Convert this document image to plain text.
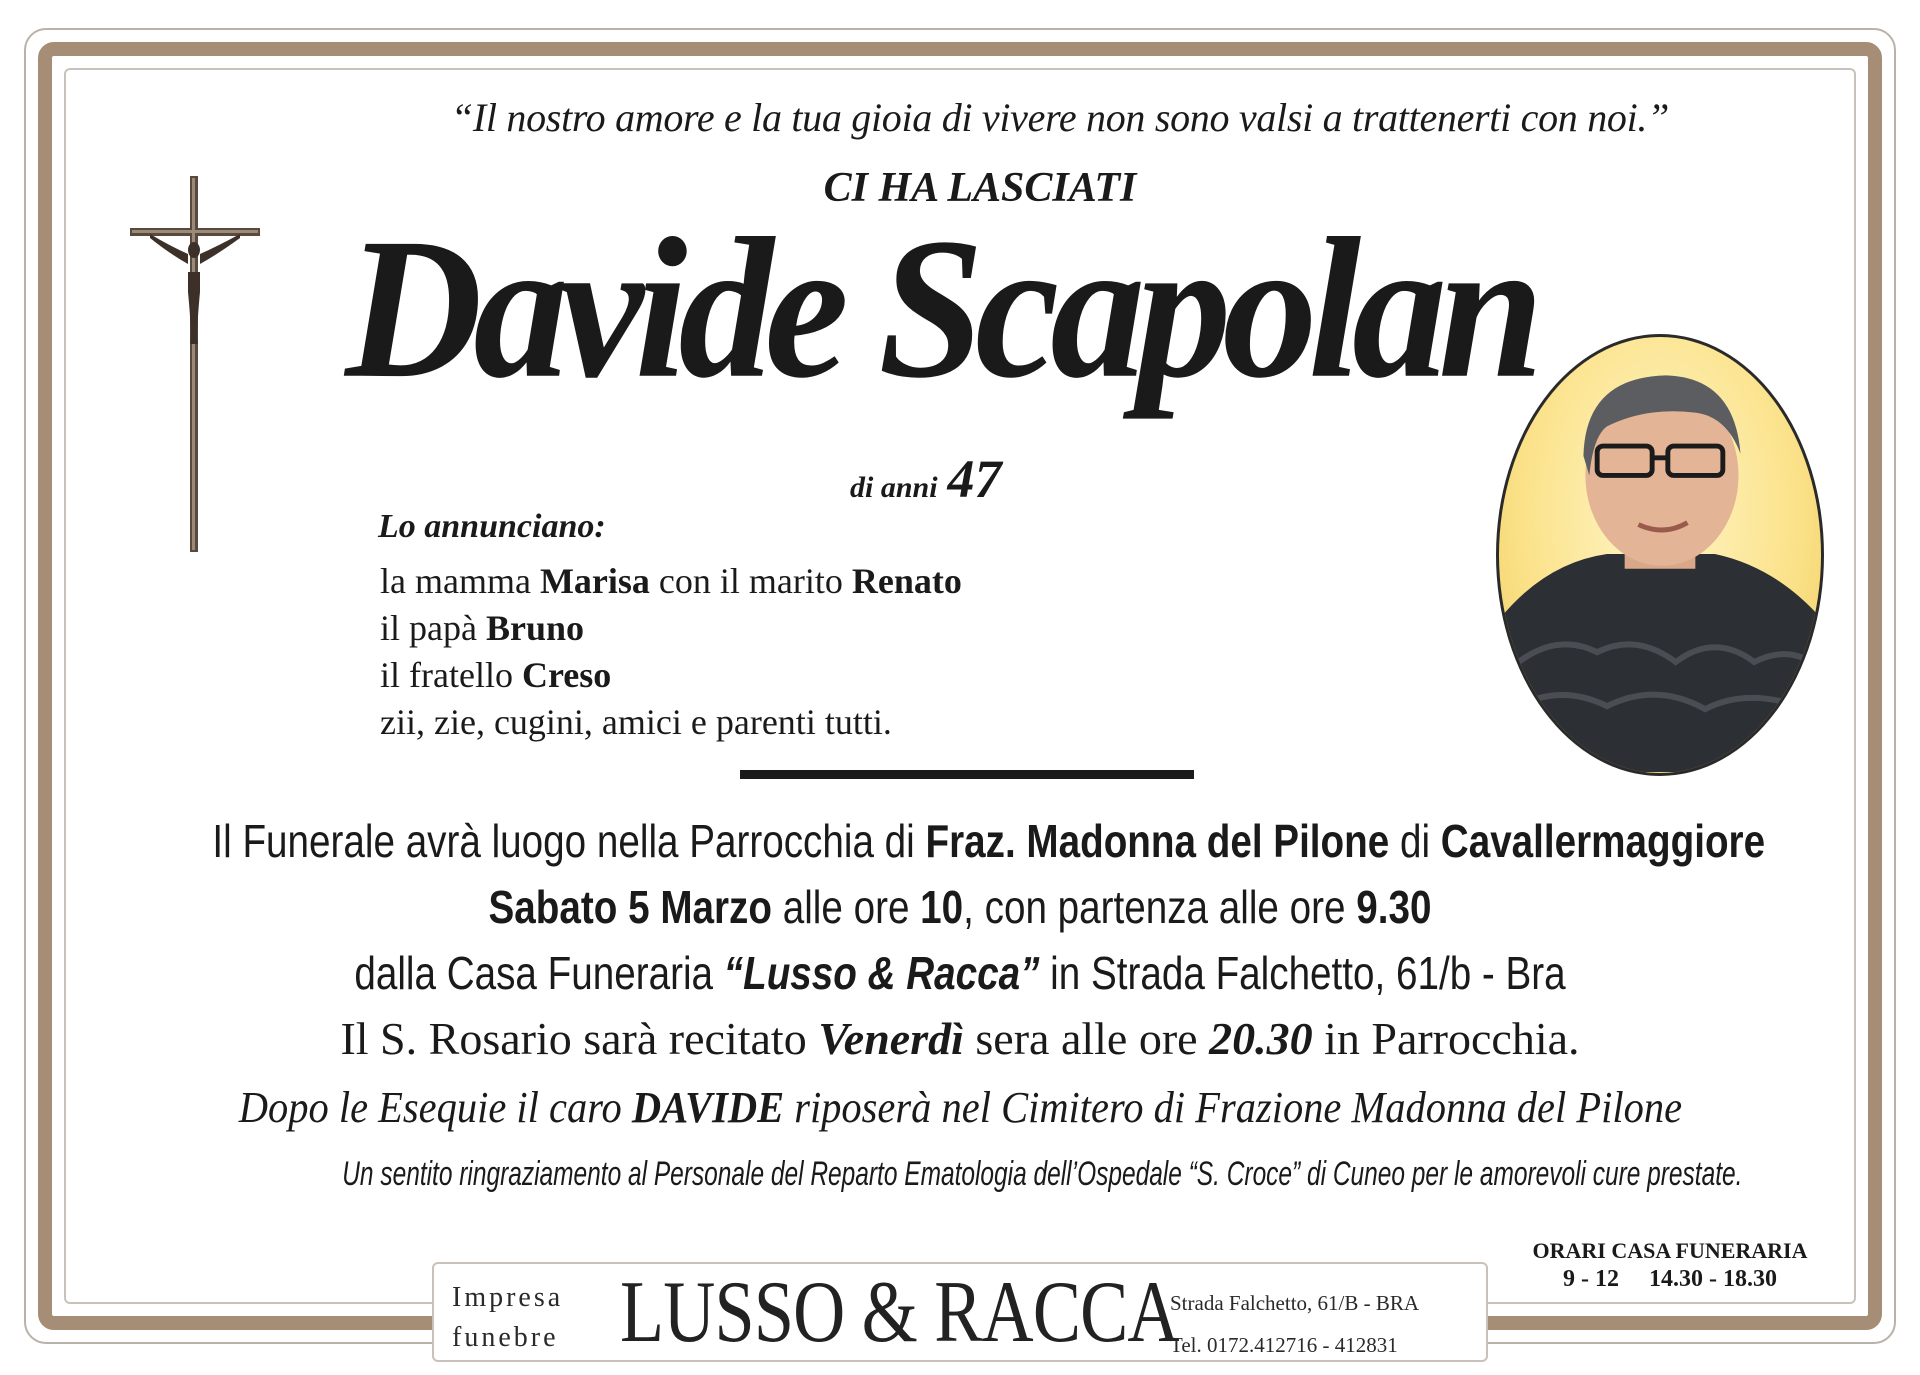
“Il nostro amore e la tua gioia di vivere non sono valsi a trattenerti con noi.”
CI HA LASCIATI
Davide Scapolan
di anni 47
Lo annunciano:
la mamma Marisa con il marito Renato
il papà Bruno
il fratello Creso
zii, zie, cugini, amici e parenti tutti.
Il Funerale avrà luogo nella Parrocchia di Fraz. Madonna del Pilone di Cavallermaggiore
Sabato 5 Marzo alle ore 10, con partenza alle ore 9.30
dalla Casa Funeraria “Lusso & Racca” in Strada Falchetto, 61/b - Bra
Il S. Rosario sarà recitato Venerdì sera alle ore 20.30 in Parrocchia.
Dopo le Esequie il caro DAVIDE riposerà nel Cimitero di Frazione Madonna del Pilone
Un sentito ringraziamento al Personale del Reparto Ematologia dell’Ospedale “S. Croce” di Cuneo per le amorevoli cure prestate.
ORARI CASA FUNERARIA
9 - 12     14.30 - 18.30
Impresa
funebre LUSSO & RACCA
Strada Falchetto, 61/B - BRA
Tel. 0172.412716 - 412831
